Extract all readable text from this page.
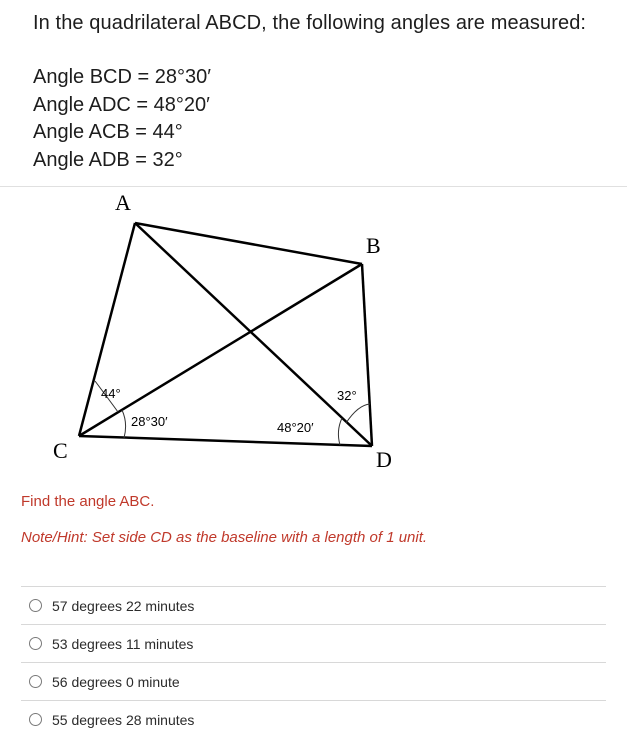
In the quadrilateral ABCD, the following angles are measured:
Angle BCD = 28°30′
Angle ADC = 48°20′
Angle ACB = 44°
Angle ADB = 32°
A
B
C	D
44°
28°30′	48°20′
32°
Find the angle ABC.
Note/Hint: Set side CD as the baseline with a length of 1 unit.
57 degrees 22 minutes
53 degrees 11 minutes
56 degrees 0 minute
55 degrees 28 minutes
